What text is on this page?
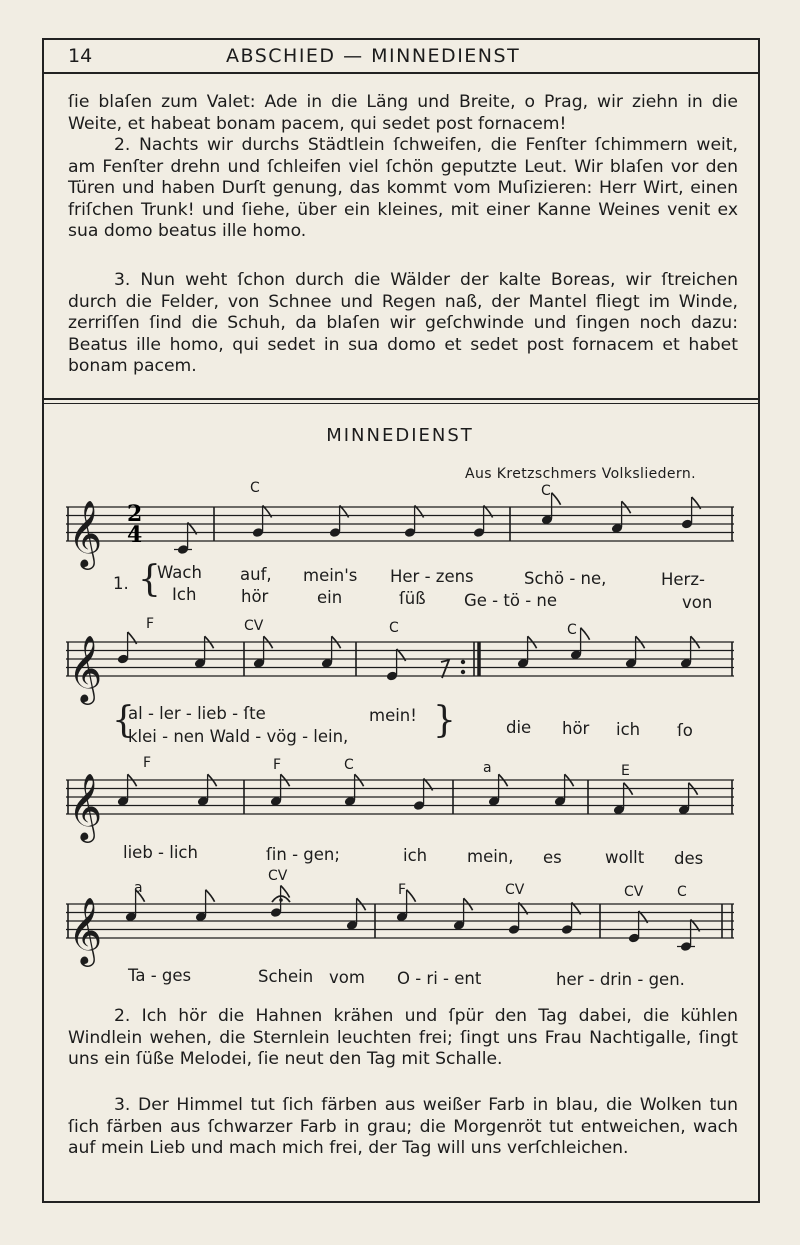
14	ABSCHIED — MINNEDIENST

ſie blaſen zum Valet: Ade in die Läng und Breite, o Prag, wir ziehn in die Weite, et habeat bonam pacem, qui sedet post fornacem!

2. Nachts wir durchs Städtlein ſchweifen, die Fenſter ſchimmern weit, am Fenſter drehn und ſchleifen viel ſchön geputzte Leut. Wir blaſen vor den Türen und haben Durſt genung, das kommt vom Muſizieren: Herr Wirt, einen friſchen Trunk! und ſiehe, über ein kleines, mit einer Kanne Weines venit ex sua domo beatus ille homo.

3. Nun weht ſchon durch die Wälder der kalte Boreas, wir ſtreichen durch die Felder, von Schnee und Regen naß, der Mantel fliegt im Winde, zerriſſen ſind die Schuh, da blaſen wir geſchwinde und ſingen noch dazu: Beatus ille homo, qui sedet in sua domo et sedet post fornacem et habet bonam pacem.

MINNEDIENST
Aus Kretzschmers Volksliedern.
𝄞
𝄞
𝄞
𝄞
2
4
C	C
F	CV	C	C
F	F	C	a	E
a
CV
F	CV	CV C
1. {
Wach auf, mein's Her - zens	Schö - ne,	Herz-
Ich	hör	ein	ſüß Ge - tö - ne	von
{
al - ler - lieb - ſte	mein!
klei - nen Wald - vög - lein, }	die hör ich ſo
lieb - lich	ſin - gen;	ich mein, es	wollt des
Ta - ges	Schein vom O - ri - ent	her - drin - gen.

2. Ich hör die Hahnen krähen und ſpür den Tag dabei, die kühlen Windlein wehen, die Sternlein leuchten frei; ſingt uns Frau Nachtigalle, ſingt uns ein ſüße Melodei, ſie neut den Tag mit Schalle.

3. Der Himmel tut ſich färben aus weißer Farb in blau, die Wolken tun ſich färben aus ſchwarzer Farb in grau; die Morgenröt tut entweichen, wach auf mein Lieb und mach mich frei, der Tag will uns verſchleichen.
